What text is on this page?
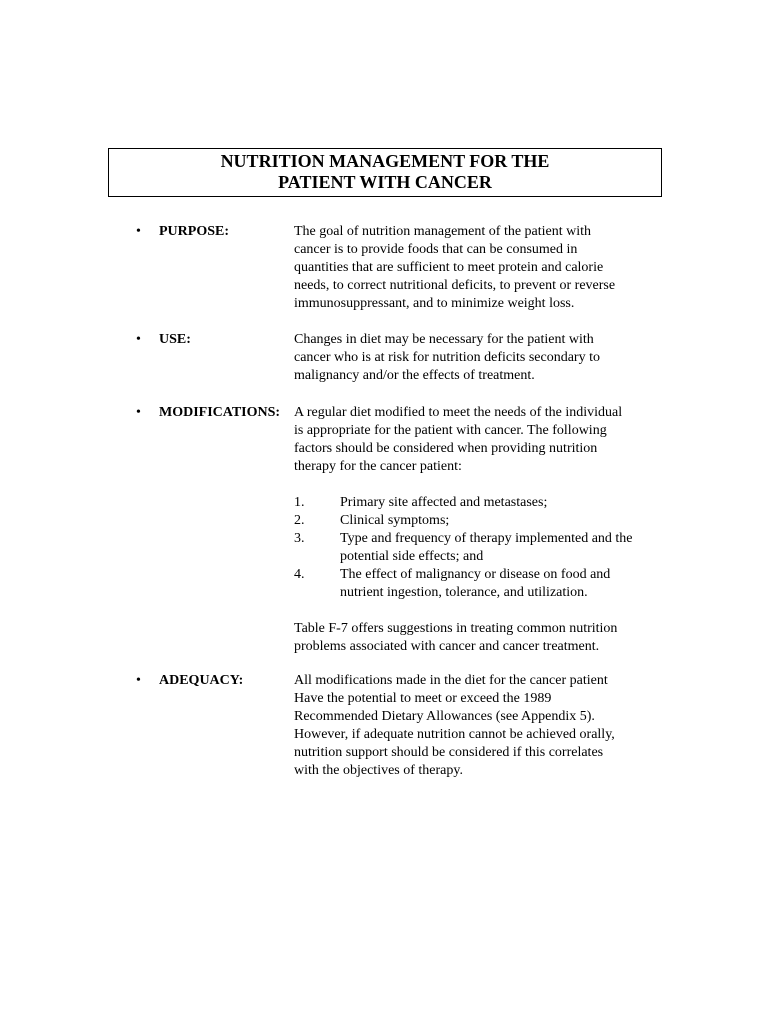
NUTRITION MANAGEMENT FOR THE
PATIENT WITH CANCER
• PURPOSE:	The goal of nutrition management of the patient with
cancer is to provide foods that can be consumed in
quantities that are sufficient to meet protein and calorie
needs, to correct nutritional deficits, to prevent or reverse
immunosuppressant, and to minimize weight loss.
• USE:	Changes in diet may be necessary for the patient with
cancer who is at risk for nutrition deficits secondary to
malignancy and/or the effects of treatment.
• MODIFICATIONS: A regular diet modified to meet the needs of the individual
is appropriate for the patient with cancer. The following
factors should be considered when providing nutrition
therapy for the cancer patient:
1.	Primary site affected and metastases;
2.	Clinical symptoms;
3.	Type and frequency of therapy implemented and the
potential side effects; and
4.	The effect of malignancy or disease on food and
nutrient ingestion, tolerance, and utilization.
Table F-7 offers suggestions in treating common nutrition
problems associated with cancer and cancer treatment.
• ADEQUACY:	All modifications made in the diet for the cancer patient
Have the potential to meet or exceed the 1989
Recommended Dietary Allowances (see Appendix 5).
However, if adequate nutrition cannot be achieved orally,
nutrition support should be considered if this correlates
with the objectives of therapy.
